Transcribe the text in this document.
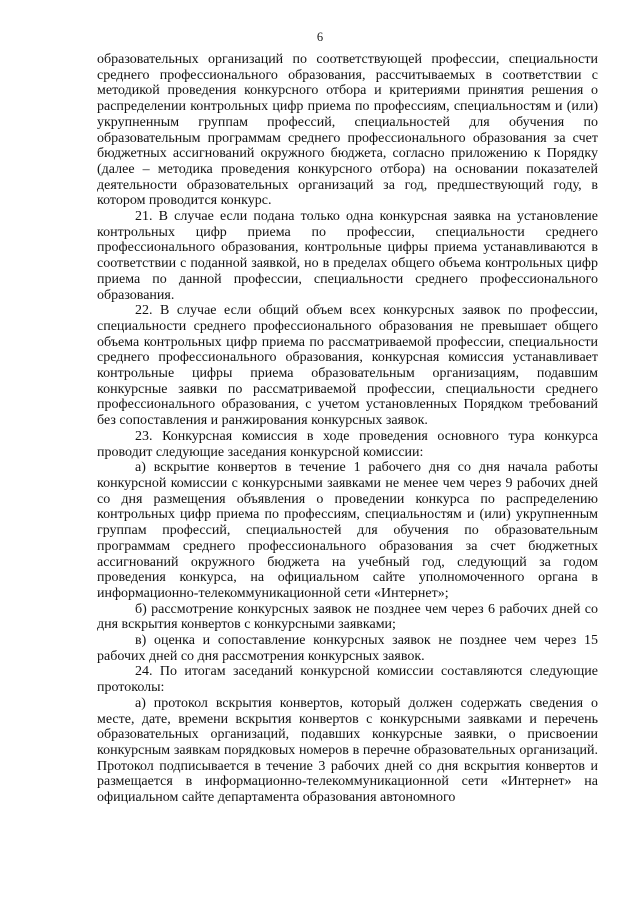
6

образовательных организаций по соответствующей профессии, специальности среднего профессионального образования, рассчитываемых в соответствии с методикой проведения конкурсного отбора и критериями принятия решения о распределении контрольных цифр приема по профессиям, специальностям и (или) укрупненным группам профессий, специальностей для обучения по образовательным программам среднего профессионального образования за счет бюджетных ассигнований окружного бюджета, согласно приложению к Порядку (далее – методика проведения конкурсного отбора) на основании показателей деятельности образовательных организаций за год, предшествующий году, в котором проводится конкурс.

21. В случае если подана только одна конкурсная заявка на установление контрольных цифр приема по профессии, специальности среднего профессионального образования, контрольные цифры приема устанавливаются в соответствии с поданной заявкой, но в пределах общего объема контрольных цифр приема по данной профессии, специальности среднего профессионального образования.

22. В случае если общий объем всех конкурсных заявок по профессии, специальности среднего профессионального образования не превышает общего объема контрольных цифр приема по рассматриваемой профессии, специальности среднего профессионального образования, конкурсная комиссия устанавливает контрольные цифры приема образовательным организациям, подавшим конкурсные заявки по рассматриваемой профессии, специальности среднего профессионального образования, с учетом установленных Порядком требований без сопоставления и ранжирования конкурсных заявок.

23. Конкурсная комиссия в ходе проведения основного тура конкурса проводит следующие заседания конкурсной комиссии:

а) вскрытие конвертов в течение 1 рабочего дня со дня начала работы конкурсной комиссии с конкурсными заявками не менее чем через 9 рабочих дней со дня размещения объявления о проведении конкурса по распределению контрольных цифр приема по профессиям, специальностям и (или) укрупненным группам профессий, специальностей для обучения по образовательным программам среднего профессионального образования за счет бюджетных ассигнований окружного бюджета на учебный год, следующий за годом проведения конкурса, на официальном сайте уполномоченного органа в информационно-телекоммуникационной сети «Интернет»;

б) рассмотрение конкурсных заявок не позднее чем через 6 рабочих дней со дня вскрытия конвертов с конкурсными заявками;

в) оценка и сопоставление конкурсных заявок не позднее чем через 15 рабочих дней со дня рассмотрения конкурсных заявок.

24. По итогам заседаний конкурсной комиссии составляются следующие протоколы:

а) протокол вскрытия конвертов, который должен содержать сведения о месте, дате, времени вскрытия конвертов с конкурсными заявками и перечень образовательных организаций, подавших конкурсные заявки, о присвоении конкурсным заявкам порядковых номеров в перечне образовательных организаций. Протокол подписывается в течение 3 рабочих дней со дня вскрытия конвертов и размещается в информационно-телекоммуникационной сети «Интернет» на официальном сайте департамента образования автономного
